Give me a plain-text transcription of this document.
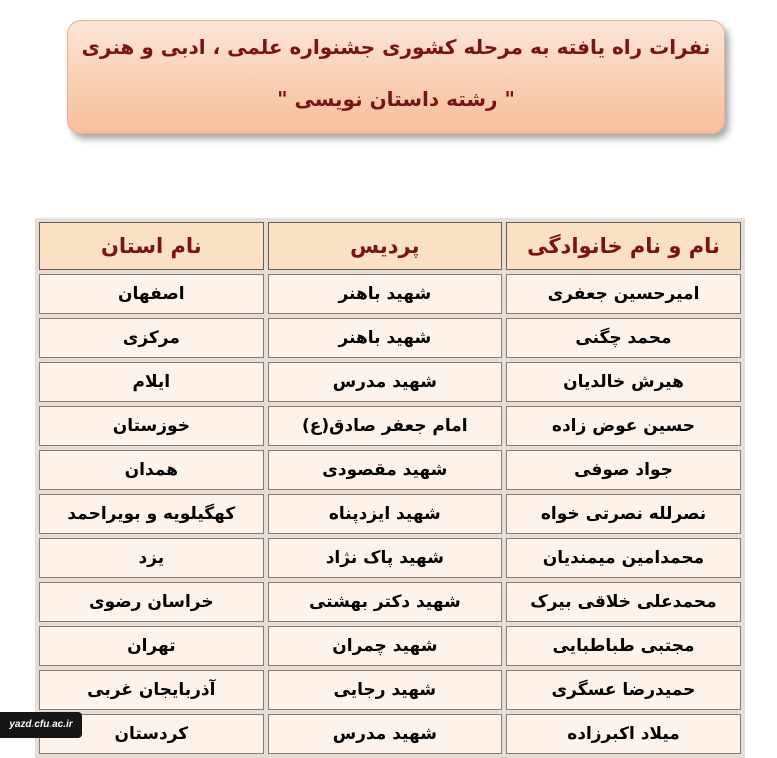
نفرات راه یافته به مرحله کشوری جشنواره علمی ، ادبی و هنری
" رشته داستان نویسی "
نام و نام خانوادگی	پردیس	نام استان
امیرحسین جعفری	شهید باهنر	اصفهان
محمد چگنی	شهید باهنر	مرکزی
هیرش خالدیان	شهید مدرس	ایلام
حسین عوض زاده	امام جعفر صادق(ع)	خوزستان
جواد صوفی	شهید مقصودی	همدان
نصرلله نصرتی خواه	شهید ایزدپناه	کهگیلویه و بویراحمد
محمدامین میمندیان	شهید پاک نژاد	یزد
محمدعلی خلاقی بیرک	شهید دکتر بهشتی	خراسان رضوی
مجتبی طباطبایی	شهید چمران	تهران
حمیدرضا عسگری	شهید رجایی	آذربایجان غربی
میلاد اکبرزاده	شهید مدرس	کردستان
yazd.cfu.ac.ir
